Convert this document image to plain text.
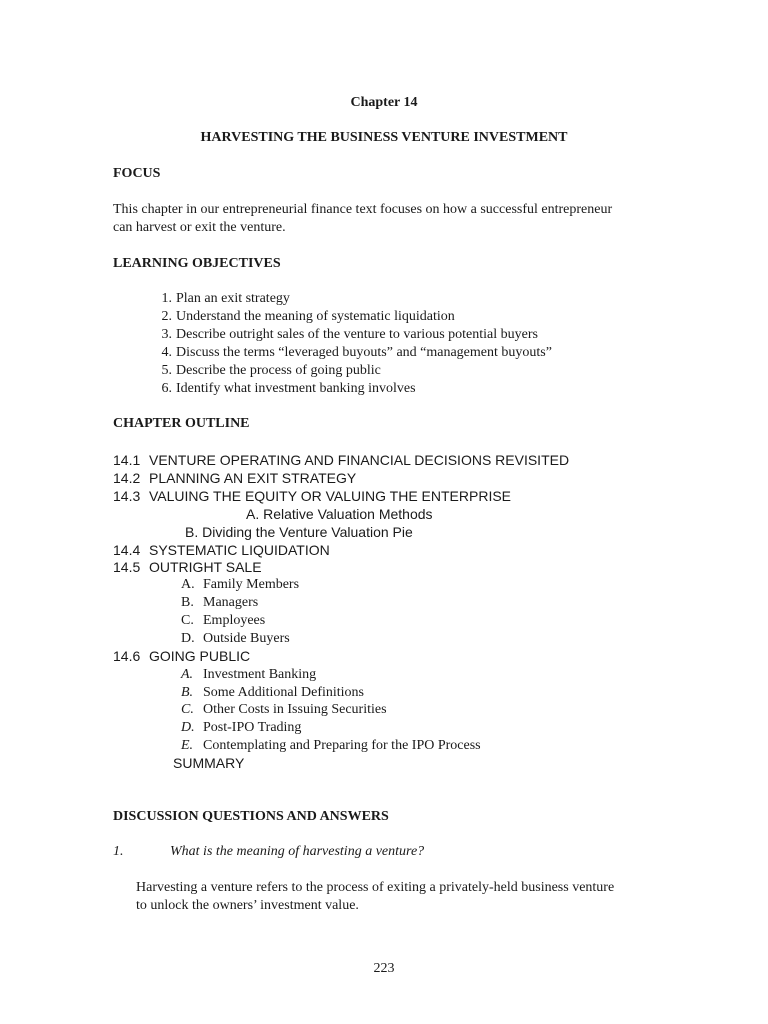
Chapter 14
HARVESTING THE BUSINESS VENTURE INVESTMENT
FOCUS
This chapter in our entrepreneurial finance text focuses on how a successful entrepreneur
can harvest or exit the venture.
LEARNING OBJECTIVES
1. Plan an exit strategy
2. Understand the meaning of systematic liquidation
3. Describe outright sales of the venture to various potential buyers
4. Discuss the terms “leveraged buyouts” and “management buyouts”
5. Describe the process of going public
6. Identify what investment banking involves
CHAPTER OUTLINE
14.1 VENTURE OPERATING AND FINANCIAL DECISIONS REVISITED
14.2 PLANNING AN EXIT STRATEGY
14.3 VALUING THE EQUITY OR VALUING THE ENTERPRISE
A. Relative Valuation Methods
B. Dividing the Venture Valuation Pie
14.4 SYSTEMATIC LIQUIDATION
14.5 OUTRIGHT SALE
A. Family Members
B. Managers
C. Employees
D. Outside Buyers
14.6 GOING PUBLIC
A. Investment Banking
B. Some Additional Definitions
C. Other Costs in Issuing Securities
D. Post-IPO Trading
E. Contemplating and Preparing for the IPO Process
SUMMARY
DISCUSSION QUESTIONS AND ANSWERS
1.	What is the meaning of harvesting a venture?
Harvesting a venture refers to the process of exiting a privately-held business venture
to unlock the owners’ investment value.
223
